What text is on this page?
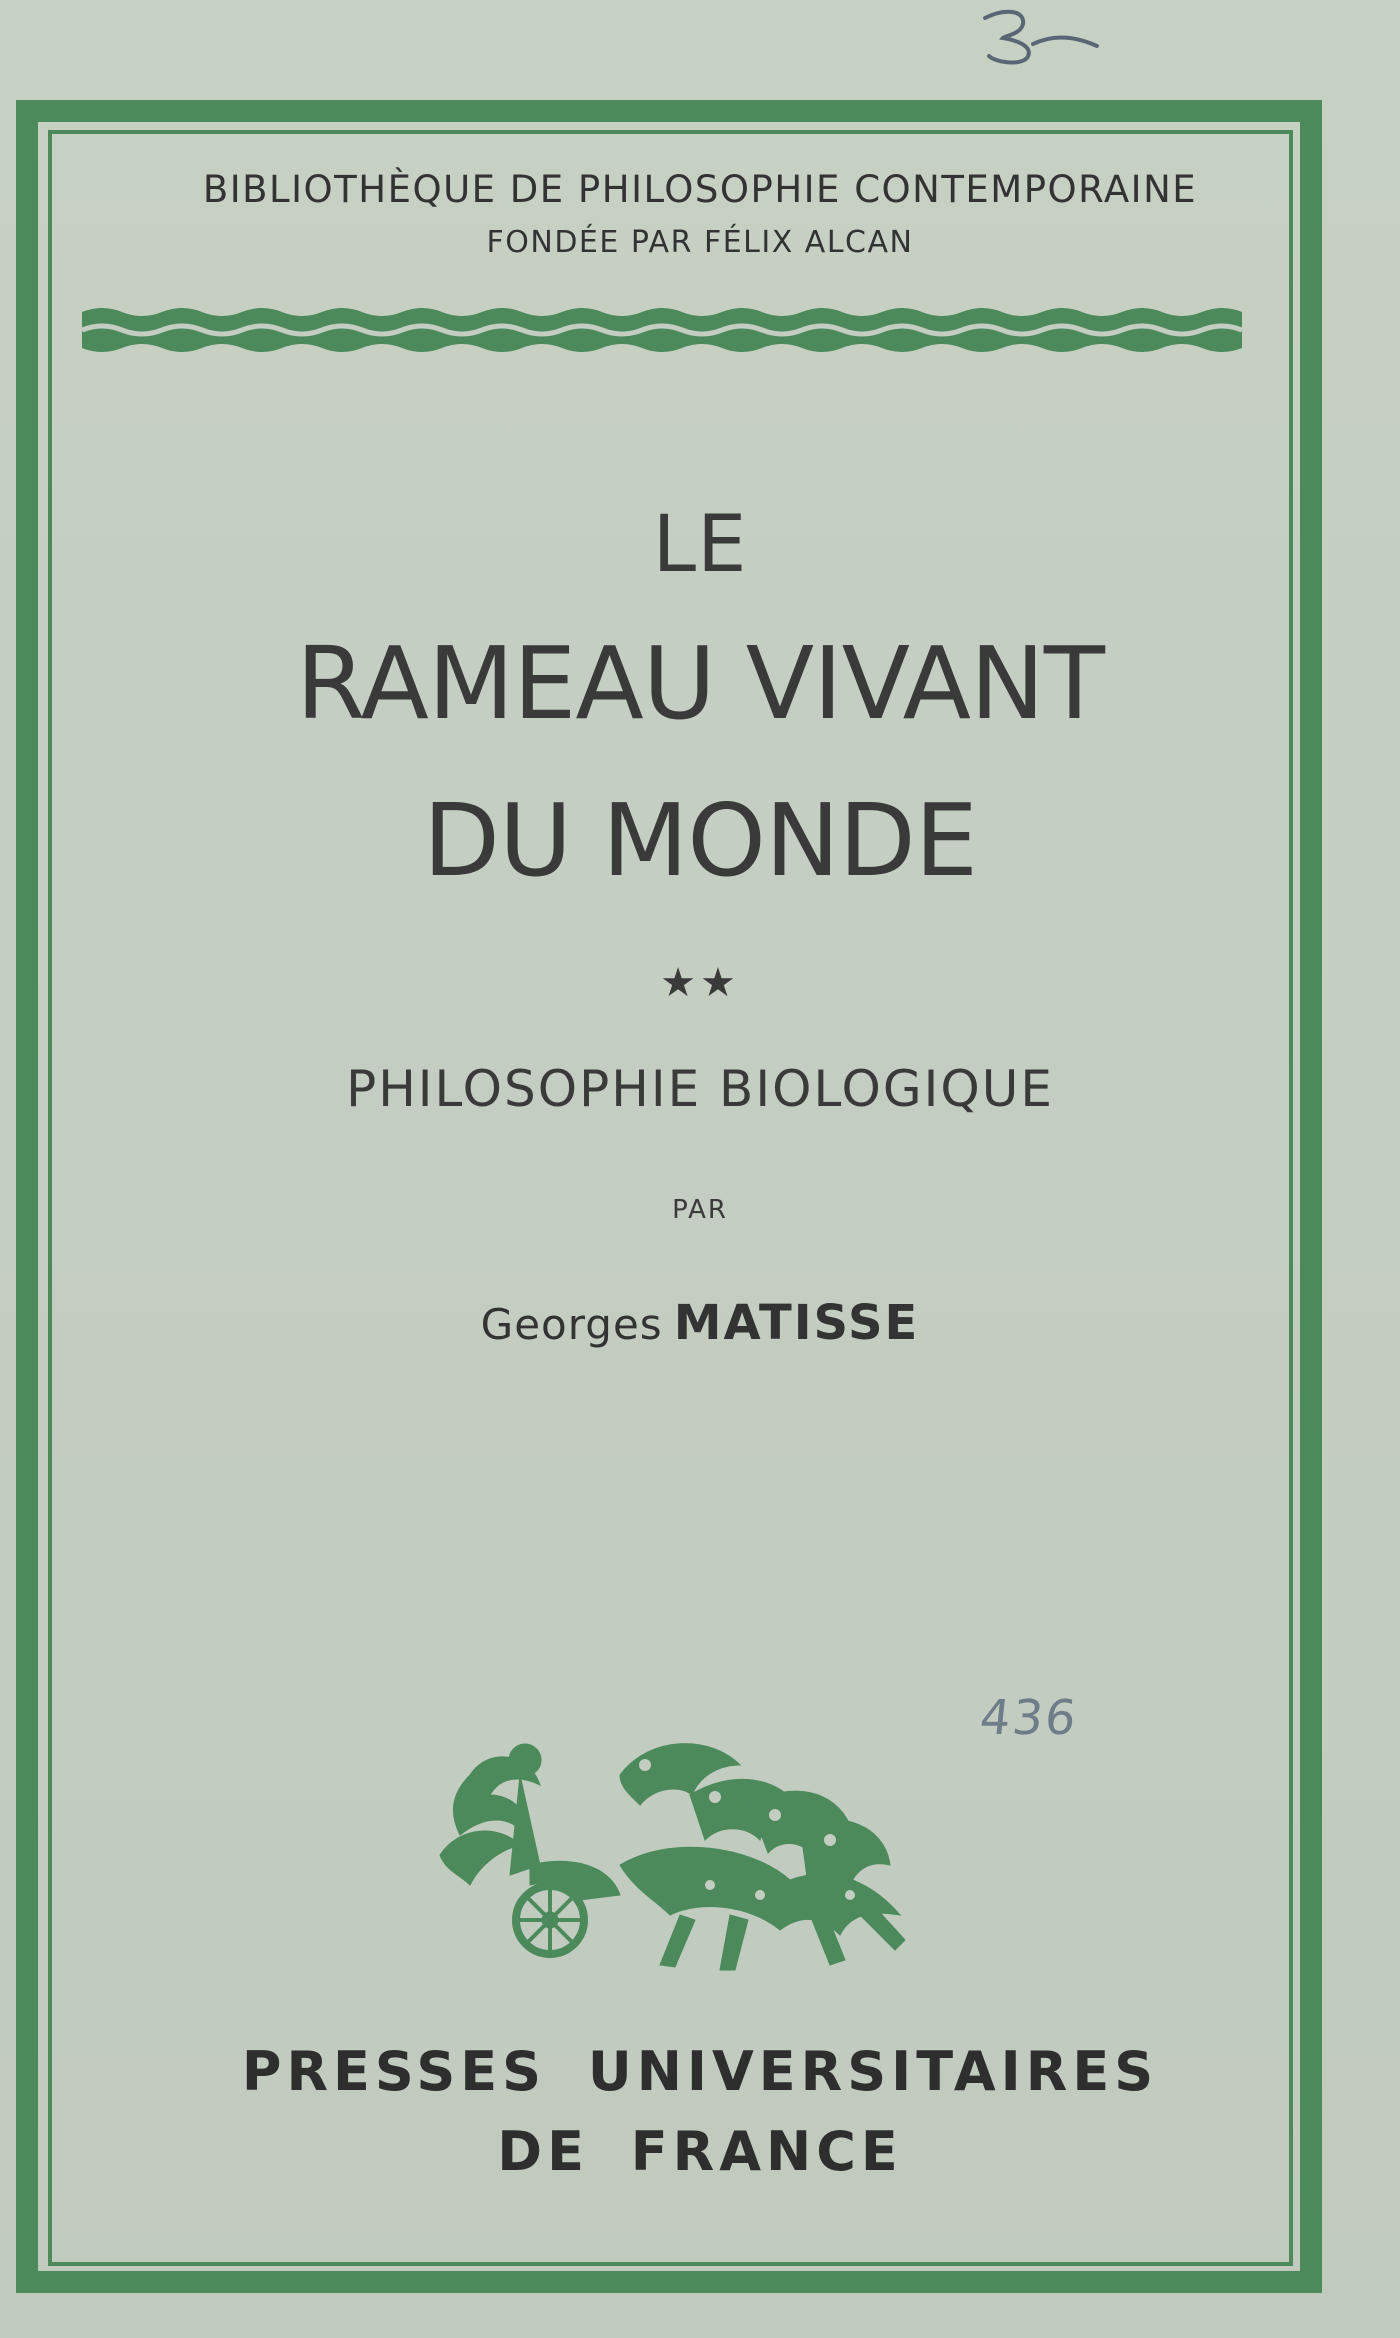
BIBLIOTHÈQUE DE PHILOSOPHIE CONTEMPORAINE
FONDÉE PAR FÉLIX ALCAN
LE
RAMEAU VIVANT
DU MONDE
★★
PHILOSOPHIE BIOLOGIQUE
PAR
Georges MATISSE
436
PRESSES UNIVERSITAIRES
DE FRANCE
